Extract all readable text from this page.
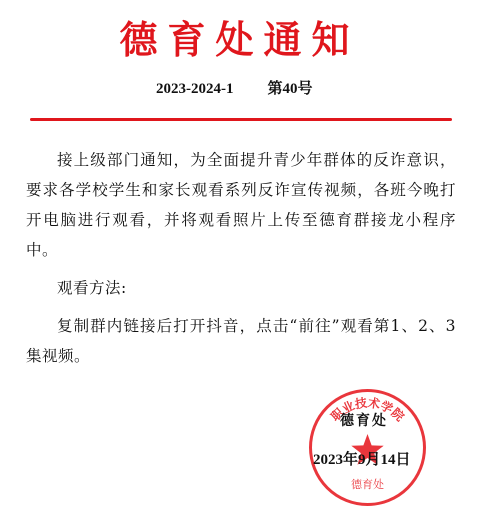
德育处通知
2023-2024-1 第40号

接上级部门通知，为全面提升青少年群体的反诈意识，要求各学校学生和家长观看系列反诈宣传视频，各班今晚打开电脑进行观看，并将观看照片上传至德育群接龙小程序中。

观看方法:

复制群内链接后打开抖音，点击“前往”观看第1、2、3集视频。

职业技术学院
德育处
德育处
2023年9月14日
